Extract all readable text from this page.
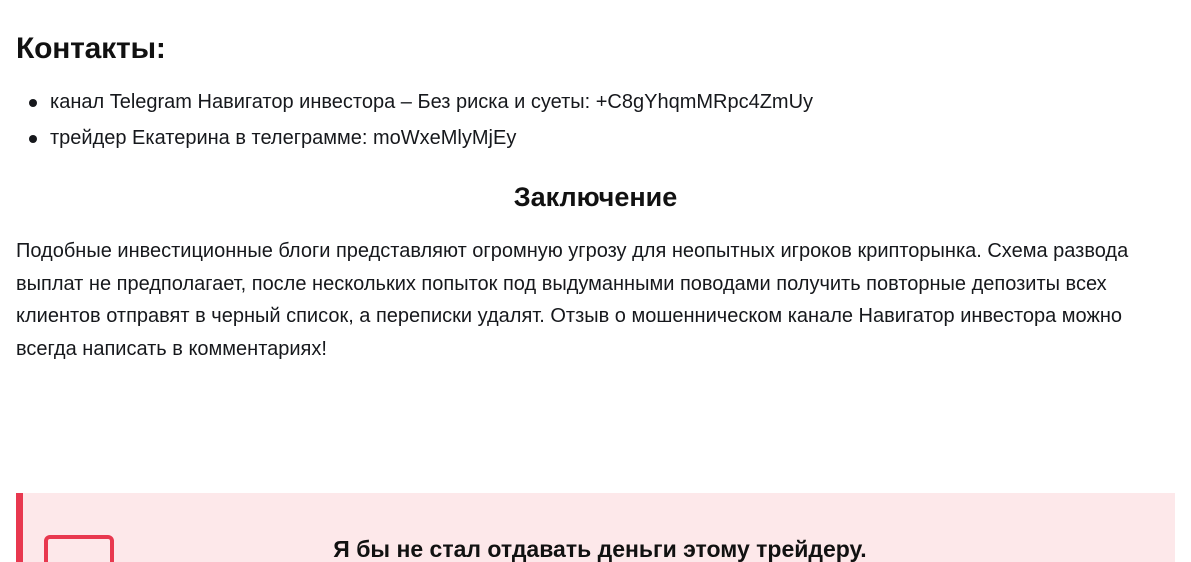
Контакты:
канал Telegram Навигатор инвестора – Без риска и суеты: +C8gYhqmMRpc4ZmUy
трейдер Екатерина в телеграмме: moWxeMlyMjEy
Заключение

Подобные инвестиционные блоги представляют огромную угрозу для неопытных игроков крипторынка. Схема развода выплат не предполагает, после нескольких попыток под выдуманными поводами получить повторные депозиты всех клиентов отправят в черный список, а переписки удалят. Отзыв о мошенническом канале Навигатор инвестора можно всегда написать в комментариях!

Я бы не стал отдавать деньги этому трейдеру.
